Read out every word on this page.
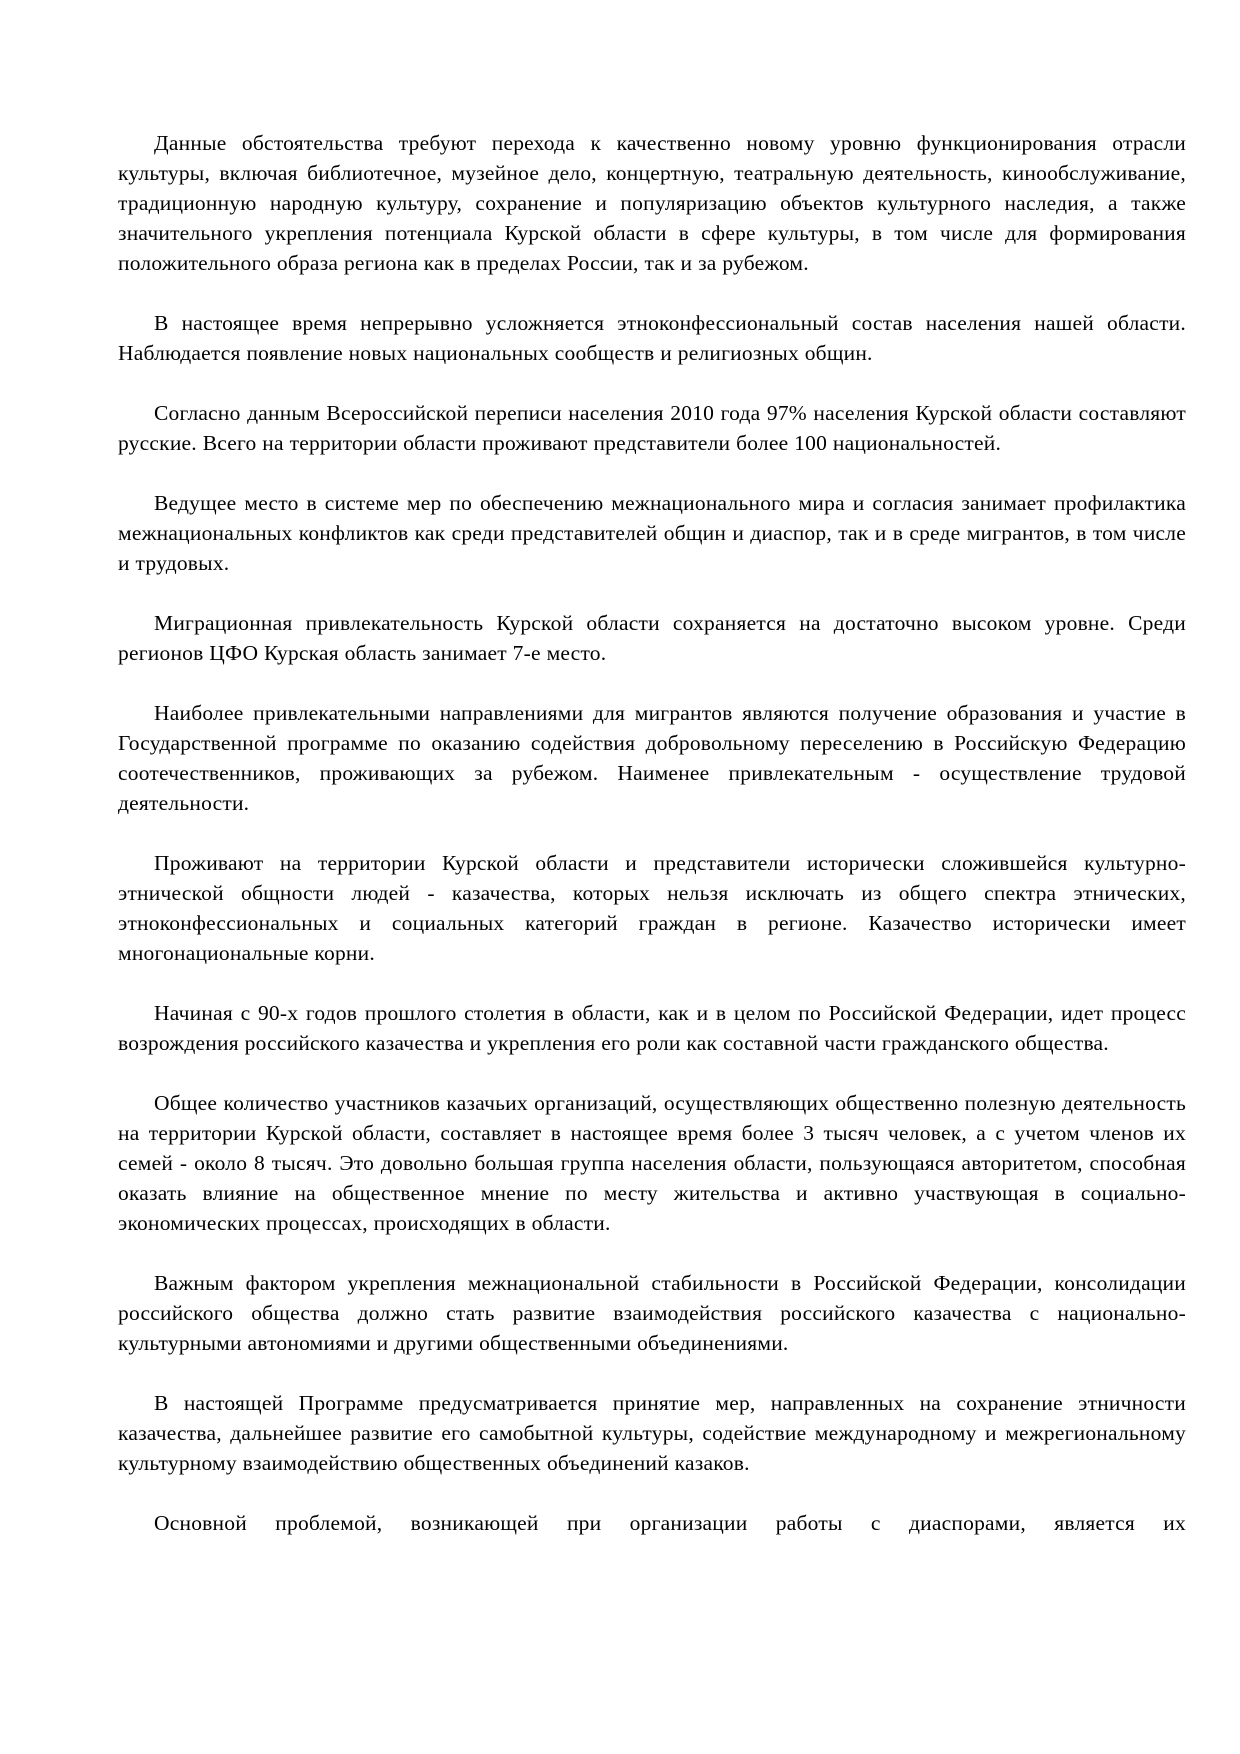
Данные обстоятельства требуют перехода к качественно новому уровню функционирования отрасли культуры, включая библиотечное, музейное дело, концертную, театральную деятельность, кинообслуживание, традиционную народную культуру, сохранение и популяризацию объектов культурного наследия, а также значительного укрепления потенциала Курской области в сфере культуры, в том числе для формирования положительного образа региона как в пределах России, так и за рубежом.

В настоящее время непрерывно усложняется этноконфессиональный состав населения нашей области. Наблюдается появление новых национальных сообществ и религиозных общин.

Согласно данным Всероссийской переписи населения 2010 года 97% населения Курской области составляют русские. Всего на территории области проживают представители более 100 национальностей.

Ведущее место в системе мер по обеспечению межнационального мира и согласия занимает профилактика межнациональных конфликтов как среди представителей общин и диаспор, так и в среде мигрантов, в том числе и трудовых.

Миграционная привлекательность Курской области сохраняется на достаточно высоком уровне. Среди регионов ЦФО Курская область занимает 7-е место.

Наиболее привлекательными направлениями для мигрантов являются получение образования и участие в Государственной программе по оказанию содействия добровольному переселению в Российскую Федерацию соотечественников, проживающих за рубежом. Наименее привлекательным - осуществление трудовой деятельности.

Проживают на территории Курской области и представители исторически сложившейся культурно-этнической общности людей - казачества, которых нельзя исключать из общего спектра этнических, этноконфессиональных и социальных категорий граждан в регионе. Казачество исторически имеет многонациональные корни.

Начиная с 90-х годов прошлого столетия в области, как и в целом по Российской Федерации, идет процесс возрождения российского казачества и укрепления его роли как составной части гражданского общества.

Общее количество участников казачьих организаций, осуществляющих общественно полезную деятельность на территории Курской области, составляет в настоящее время более 3 тысяч человек, а с учетом членов их семей - около 8 тысяч. Это довольно большая группа населения области, пользующаяся авторитетом, способная оказать влияние на общественное мнение по месту жительства и активно участвующая в социально-экономических процессах, происходящих в области.

Важным фактором укрепления межнациональной стабильности в Российской Федерации, консолидации российского общества должно стать развитие взаимодействия российского казачества с национально-культурными автономиями и другими общественными объединениями.

В настоящей Программе предусматривается принятие мер, направленных на сохранение этничности казачества, дальнейшее развитие его самобытной культуры, содействие международному и межрегиональному культурному взаимодействию общественных объединений казаков.

Основной проблемой, возникающей при организации работы с диаспорами, является их
